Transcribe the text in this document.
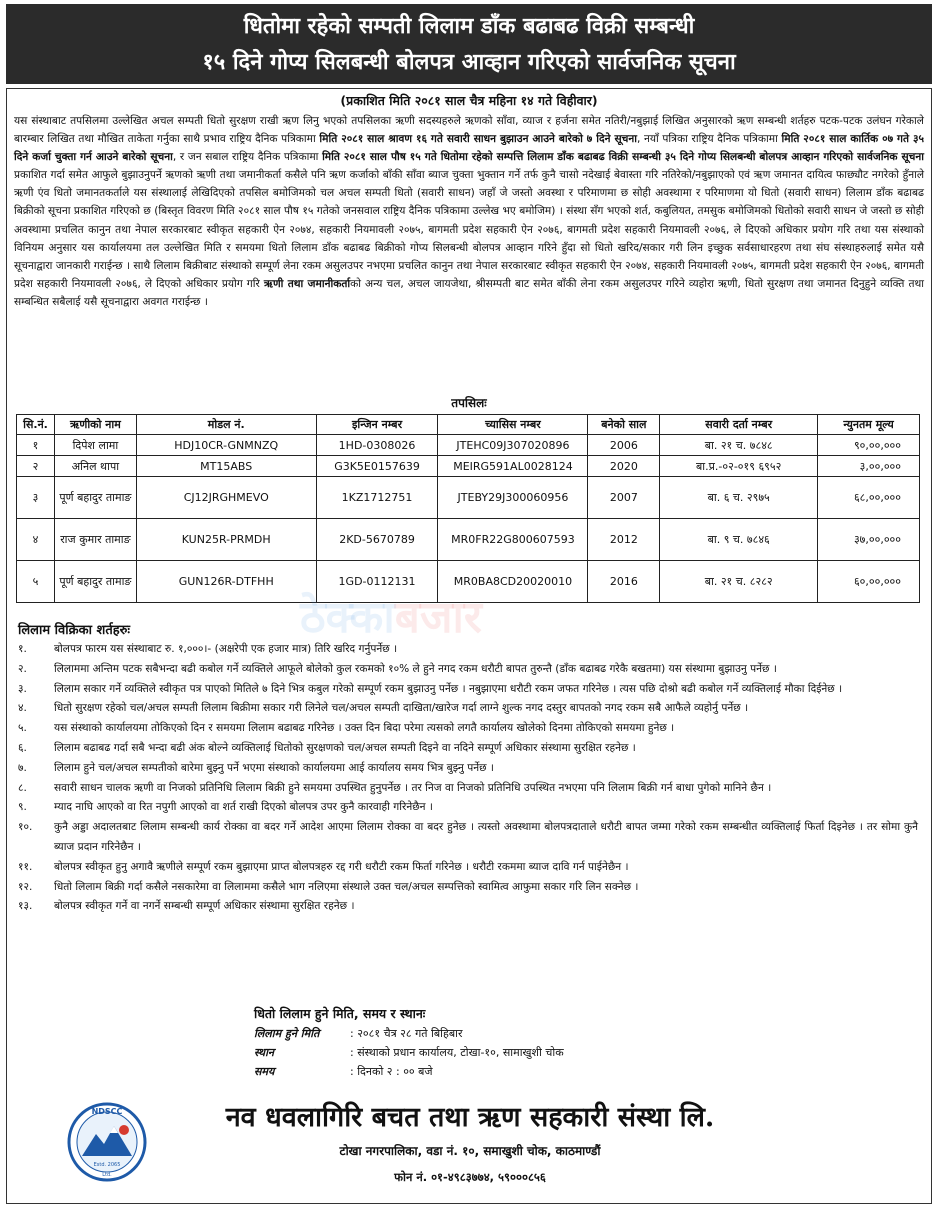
धितोमा रहेको सम्पती लिलाम डाँक बढाबढ विक्री सम्बन्धी
१५ दिने गोप्य सिलबन्धी बोलपत्र आव्हान गरिएको सार्वजनिक सूचना
(प्रकाशित मिति २०८१ साल चैत्र महिना १४ गते विहीवार)
यस संस्थाबाट तपसिलमा उल्लेखित अचल सम्पती धितो सुरक्षण राखी ऋण लिनु भएको तपसिलका ऋणी सदस्यहरुले ऋणको साँवा, व्याज र हर्जना समेत नतिरी/नबुझाई लिखित अनुसारको ऋण सम्बन्धी शर्तहरु पटक-पटक उलंघन गरेकाले बारम्बार लिखित तथा मौखित ताकेता गर्नुका साथै प्रभाव राष्ट्रिय दैनिक पत्रिकामा मिति २०८१ साल श्रावण १६ गते सवारी साधन बुझाउन आउने बारेको ७ दिने सूचना, नयाँ पत्रिका राष्ट्रिय दैनिक पत्रिकामा मिति २०८१ साल कार्तिक ०७ गते ३५ दिने कर्जा चुक्ता गर्न आउने बारेको सूचना, र जन सबाल राष्ट्रिय दैनिक पत्रिकामा मिति २०८१ साल पौष १५ गते धितोमा रहेको सम्पत्ति लिलाम डाँक बढाबढ विक्री सम्बन्धी ३५ दिने गोप्य सिलबन्धी बोलपत्र आव्हान गरिएको सार्वजनिक सूचना प्रकाशित गर्दा समेत आफुले बुझाउनुपर्ने ऋणको ऋणी तथा जमानीकर्ता कसैले पनि ऋण कर्जाको बाँकी साँवा ब्याज चुक्ता भुक्तान गर्ने तर्फ कुनै चासो नदेखाई बेवास्ता गरि नतिरेको/नबुझाएको एवं ऋण जमानत दायित्व फाछ्यौट नगरेको हुँनाले ऋणी एंव धितो जमानतकर्ताले यस संस्थालाई लेखिदिएको तपसिल बमोजिमको चल अचल सम्पती धितो (सवारी साधन) जहाँ जे जस्तो अवस्था र परिमाणमा छ सोही अवस्थामा र परिमाणमा यो धितो (सवारी साधन) लिलाम डाँक बढाबढ बिक्रीको सूचना प्रकाशित गरिएको छ (बिस्तृत विवरण मिति २०८१ साल पौष १५ गतेको जनसवाल राष्ट्रिय दैनिक पत्रिकामा उल्लेख भए बमोजिम) । संस्था सँग भएको शर्त, कबुलियत, तमसुक बमोजिमको धितोको सवारी साधन जे जस्तो छ सोही अवस्थामा प्रचलित कानुन तथा नेपाल सरकारबाट स्वीकृत सहकारी ऐन २०७४, सहकारी नियमावली २०७५, बागमती प्रदेश सहकारी ऐन २०७६, बागमती प्रदेश सहकारी नियमावली २०७६, ले दिएको अधिकार प्रयोग गरि तथा यस संस्थाको विनियम अनुसार यस कार्यालयमा तल उल्लेखित मिति र समयमा धितो लिलाम डाँक बढाबढ बिक्रीको गोप्य सिलबन्धी बोलपत्र आव्हान गरिने हुँदा सो धितो खरिद/सकार गरी लिन इच्छुक सर्वसाधारहरण तथा संघ संस्थाहरुलाई समेत यसै सूचनाद्वारा जानकारी गराईन्छ । साथै लिलाम बिक्रीबाट संस्थाको सम्पूर्ण लेना रकम असुलउपर नभएमा प्रचलित कानुन तथा नेपाल सरकारबाट स्वीकृत सहकारी ऐन २०७४, सहकारी नियमावली २०७५, बागमती प्रदेश सहकारी ऐन २०७६, बागमती प्रदेश सहकारी नियमावली २०७६, ले दिएको अधिकार प्रयोग गरि ऋणी तथा जमानीकर्ताको अन्य चल, अचल जायजेथा, श्रीसम्पती बाट समेत बाँकी लेना रकम असुलउपर गरिने व्यहोरा ऋणी, धितो सुरक्षण तथा जमानत दिनुहुने व्यक्ति तथा सम्बन्धित सबैलाई यसै सूचनाद्वारा अवगत गराईन्छ ।
तपसिलः
सि.नं.	ऋणीको नाम	मोडल नं.	इन्जिन नम्बर	च्यासिस नम्बर	बनेको साल	सवारी दर्ता नम्बर	न्युनतम मूल्य
१	दिपेश लामा	HDJ10CR-GNMNZQ	1HD-0308026	JTEHC09J307020896	2006	बा. २१ च. ७८४८	९०,००,०००
२	अनिल थापा	MT15ABS	G3K5E0157639	MEIRG591AL0028124	2020	बा.प्र.-०२-०१९ ६९५२	३,००,०००
३	पूर्ण बहादुर तामाङ	CJ12JRGHMEVO	1KZ1712751	JTEBY29J300060956	2007	बा. ६ च. २९७५	६८,००,०००
४	राज कुमार तामाङ	KUN25R-PRMDH	2KD-5670789	MR0FR22G800607593	2012	बा. ९ च. ७८४६	३७,००,०००
५	पूर्ण बहादुर तामाङ	GUN126R-DTFHH	1GD-0112131	MR0BA8CD20020010	2016	बा. २१ च. ८२८२	६०,००,०००
ठेक्काबजार
लिलाम विक्रिका शर्तहरुः
१.	बोलपत्र फारम यस संस्थाबाट रु. १,०००।- (अक्षरेपी एक हजार मात्र) तिरि खरिद गर्नुपर्नेछ ।
२.	लिलाममा अन्तिम पटक सबैभन्दा बढी कबोल गर्ने व्यक्तिले आफूले बोलेको कुल रकमको १०% ले हुने नगद रकम धरौटी बापत तुरुन्तै (डाँक बढाबढ गरेकै बखतमा) यस संस्थामा बुझाउनु पर्नेछ ।
३.	लिलाम सकार गर्ने व्यक्तिले स्वीकृत पत्र पाएको मितिले ७ दिने भित्र कबुल गरेको सम्पूर्ण रकम बुझाउनु पर्नेछ । नबुझाएमा धरौटी रकम जफत गरिनेछ । त्यस पछि दोश्रो बढी कबोल गर्ने व्यक्तिलाई मौका दिईनेछ ।
४.	धितो सुरक्षण रहेको चल/अचल सम्पती लिलाम बिक्रीमा सकार गरी लिनेले चल/अचल सम्पती दाखिता/खारेज गर्दा लाग्ने शुल्क नगद दस्तुर बापतको नगद रकम सबै आफैले व्यहोर्नु पर्नेछ ।
५.	यस संस्थाको कार्यालयमा तोकिएको दिन र समयमा लिलाम बढाबढ गरिनेछ । उक्त दिन बिदा परेमा त्यसको लगतै कार्यालय खोलेको दिनमा तोकिएको समयमा हुनेछ ।
६.	लिलाम बढाबढ गर्दा सबै भन्दा बढी अंक बोल्ने व्यक्तिलाई धितोको सुरक्षणको चल/अचल सम्पती दिइने वा नदिने सम्पूर्ण अधिकार संस्थामा सुरक्षित रहनेछ ।
७.	लिलाम हुने चल/अचल सम्पतीको बारेमा बुझ्नु पर्ने भएमा संस्थाको कार्यालयमा आई कार्यालय समय भित्र बुझ्नु पर्नेछ ।
८.	सवारी साधन चालक ऋणी वा निजको प्रतिनिधि लिलाम बिक्री हुने समयमा उपस्थित हुनुपर्नेछ । तर निज वा निजको प्रतिनिधि उपस्थित नभएमा पनि लिलाम बिक्री गर्न बाधा पुगेको मानिने छैन ।
९.	म्याद नाघि आएको वा रित नपुगी आएको वा शर्त राखी दिएको बोलपत्र उपर कुनै कारवाही गरिनेछैन ।
१०.	कुनै अड्डा अदालतबाट लिलाम सम्बन्धी कार्य रोक्का वा बदर गर्ने आदेश आएमा लिलाम रोक्का वा बदर हुनेछ । त्यस्तो अवस्थामा बोलपत्रदाताले धरौटी बापत जम्मा गरेको रकम सम्बन्धीत व्यक्तिलाई फिर्ता दिइनेछ । तर सोमा कुनै ब्याज प्रदान गरिनेछैन ।
११.	बोलपत्र स्वीकृत हुनु अगावै ऋणीले सम्पूर्ण रकम बुझाएमा प्राप्त बोलपत्रहरु रद्द गरी धरौटी रकम फिर्ता गरिनेछ । धरौटी रकममा ब्याज दावि गर्न पाईनेछैन ।
१२.	धितो लिलाम बिक्री गर्दा कसैले नसकारेमा वा लिलाममा कसैले भाग नलिएमा संस्थाले उक्त चल/अचल सम्पत्तिको स्वामित्व आफुमा सकार गरि लिन सक्नेछ ।
१३.	बोलपत्र स्वीकृत गर्ने वा नगर्ने सम्बन्धी सम्पूर्ण अधिकार संस्थामा सुरक्षित रहनेछ ।
धितो लिलाम हुने मिति, समय र स्थानः
लिलाम हुने मिति	: २०८१ चैत्र २८ गते बिहिबार
स्थान	: संस्थाको प्रधान कार्यालय, टोखा-१०, सामाखुशी चोक
समय	: दिनको २ : ०० बजे
NDSCC
Estd. 2065
Ltd.
नव धवलागिरि बचत तथा ऋण सहकारी संस्था लि.
टोखा नगरपालिका, वडा नं. १०, समाखुशी चोक, काठमाण्डौं
फोन नं. ०१-४९८३७७४, ५९०००८५६
